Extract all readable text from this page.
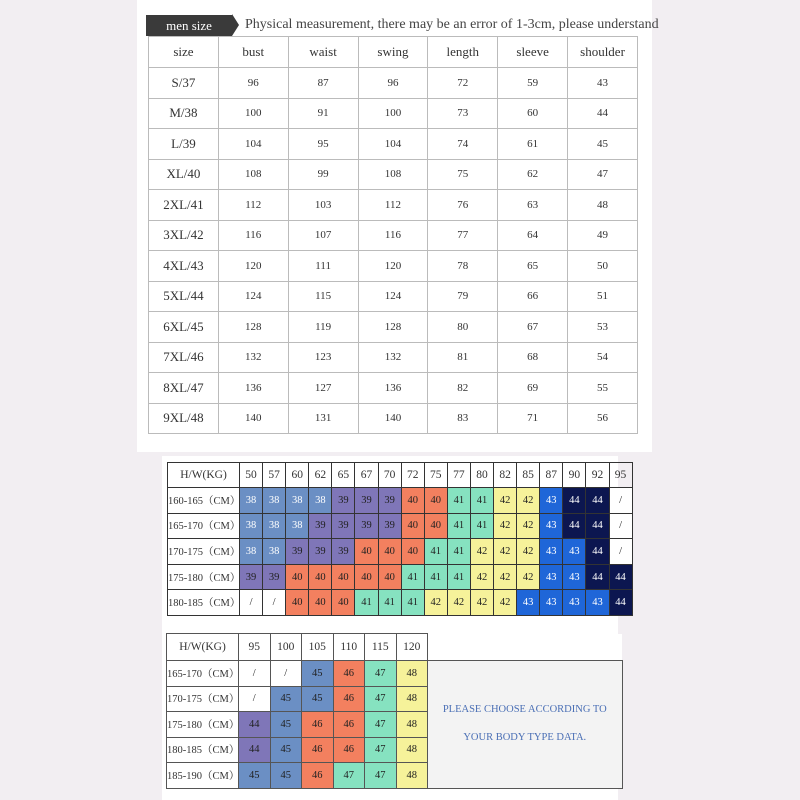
men size	Physical measurement, there may be an error of 1-3cm, please understand
size	bust	waist	swing	length	sleeve	shoulder
S/37	96	87	96	72	59	43
M/38	100	91	100	73	60	44
L/39	104	95	104	74	61	45
XL/40	108	99	108	75	62	47
2XL/41	112	103	112	76	63	48
3XL/42	116	107	116	77	64	49
4XL/43	120	111	120	78	65	50
5XL/44	124	115	124	79	66	51
6XL/45	128	119	128	80	67	53
7XL/46	132	123	132	81	68	54
8XL/47	136	127	136	82	69	55
9XL/48	140	131	140	83	71	56
H/W(KG)	50	57	60	62	65	67	70	72	75	77	80	82	85	87	90	92	95
160-165（CM）	38	38	38	38	39	39	39	40	40	41	41	42	42	43	44	44	/
165-170（CM）	38	38	38	39	39	39	39	40	40	41	41	42	42	43	44	44	/
170-175（CM）	38	38	39	39	39	40	40	40	41	41	42	42	42	43	43	44	/
175-180（CM）	39	39	40	40	40	40	40	41	41	41	42	42	42	43	43	44	44
180-185（CM）	/	/	40	40	40	41	41	41	42	42	42	42	43	43	43	43	44
H/W(KG)	95	100	105	110	115	120	
165-170（CM）	/	/	45	46	47	48	PLEASE CHOOSE ACCORDING TO
YOUR BODY TYPE DATA.

170-175（CM）	/	45	45	46	47	48	
175-180（CM）	44	45	46	46	47	48	
180-185（CM）	44	45	46	46	47	48	
185-190（CM）	45	45	46	47	47	48	
